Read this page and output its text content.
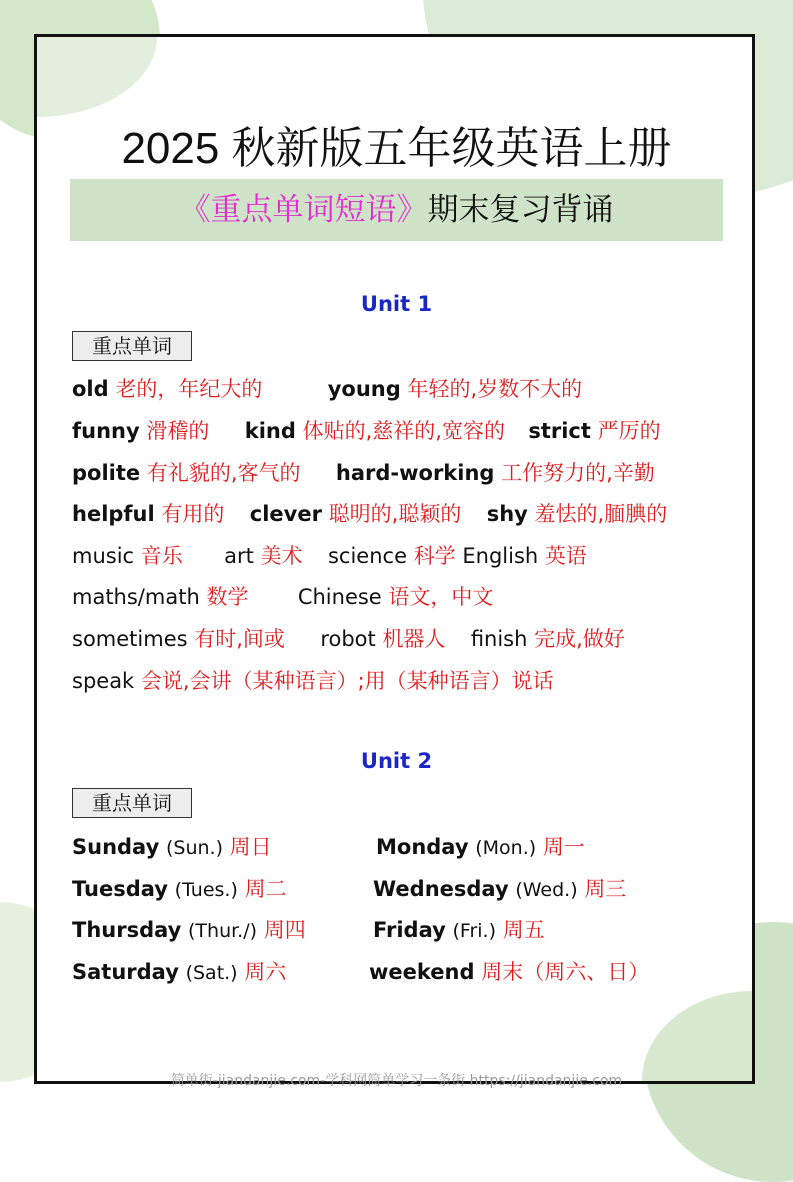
2025 秋新版五年级英语上册
《重点单词短语》期末复习背诵
Unit 1
重点单词
old 老的，年纪大的	young 年轻的,岁数不大的
funny 滑稽的 kind 体贴的,慈祥的,宽容的 strict 严厉的
polite 有礼貌的,客气的 hard-working 工作努力的,辛勤
helpful 有用的 clever 聪明的,聪颖的 shy 羞怯的,腼腆的
music 音乐 art 美术 science 科学 English 英语
maths/math 数学 Chinese 语文，中文
sometimes 有时,间或 robot 机器人 finish 完成,做好
speak 会说,会讲（某种语言）;用（某种语言）说话
Unit 2
重点单词
Sunday (Sun.) 周日	Monday (Mon.) 周一
Tuesday (Tues.) 周二	Wednesday (Wed.) 周三
Thursday (Thur./) 周四	Friday (Fri.) 周五
Saturday (Sat.) 周六	weekend 周末（周六、日）
简单街-jiandanjie.com-学科网简单学习一条街 https://jiandanjie.com
